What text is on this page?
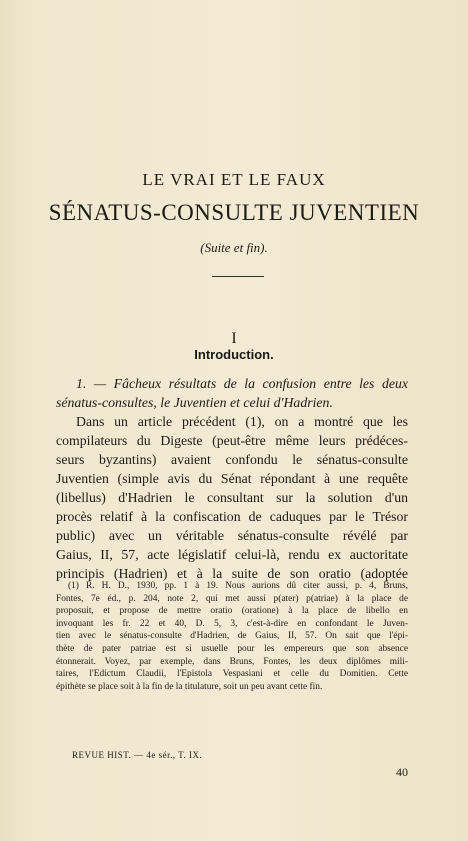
LE VRAI ET LE FAUX
SÉNATUS-CONSULTE JUVENTIEN
(Suite et fin).
I
Introduction.
1. — Fâcheux résultats de la confusion entre les deux
sénatus-consultes, le Juventien et celui d'Hadrien.
Dans un article précédent (1), on a montré que les
compilateurs du Digeste (peut-être même leurs prédéces-
seurs byzantins) avaient confondu le sénatus-consulte
Juventien (simple avis du Sénat répondant à une requête
(libellus) d'Hadrien le consultant sur la solution d'un
procès relatif à la confiscation de caduques par le Trésor
public) avec un véritable sénatus-consulte révélé par
Gaius, II, 57, acte législatif celui-là, rendu ex auctoritate
principis (Hadrien) et à la suite de son oratio (adoptée
(1) R. H. D., 1930, pp. 1 à 19. Nous aurions dû citer aussi, p. 4, Bruns,
Fontes, 7e éd., p. 204, note 2, qui met aussi p(ater) p(atriae) à la place de
proposuit, et propose de mettre oratio (oratione) à la place de libello en
invoquant les fr. 22 et 40, D. 5, 3, c'est-à-dire en confondant le Juven-
tien avec le sénatus-consulte d'Hadrien, de Gaius, II, 57. On sait que l'épi-
thète de pater patriae est si usuelle pour les empereurs que son absence
étonnerait. Voyez, par exemple, dans Bruns, Fontes, les deux diplômes mili-
taires, l'Edictum Claudii, l'Epistola Vespasiani et celle du Domitien. Cette
épithète se place soit à la fin de la titulature, soit un peu avant cette fin.
REVUE HIST. — 4e sér., T. IX.
40
